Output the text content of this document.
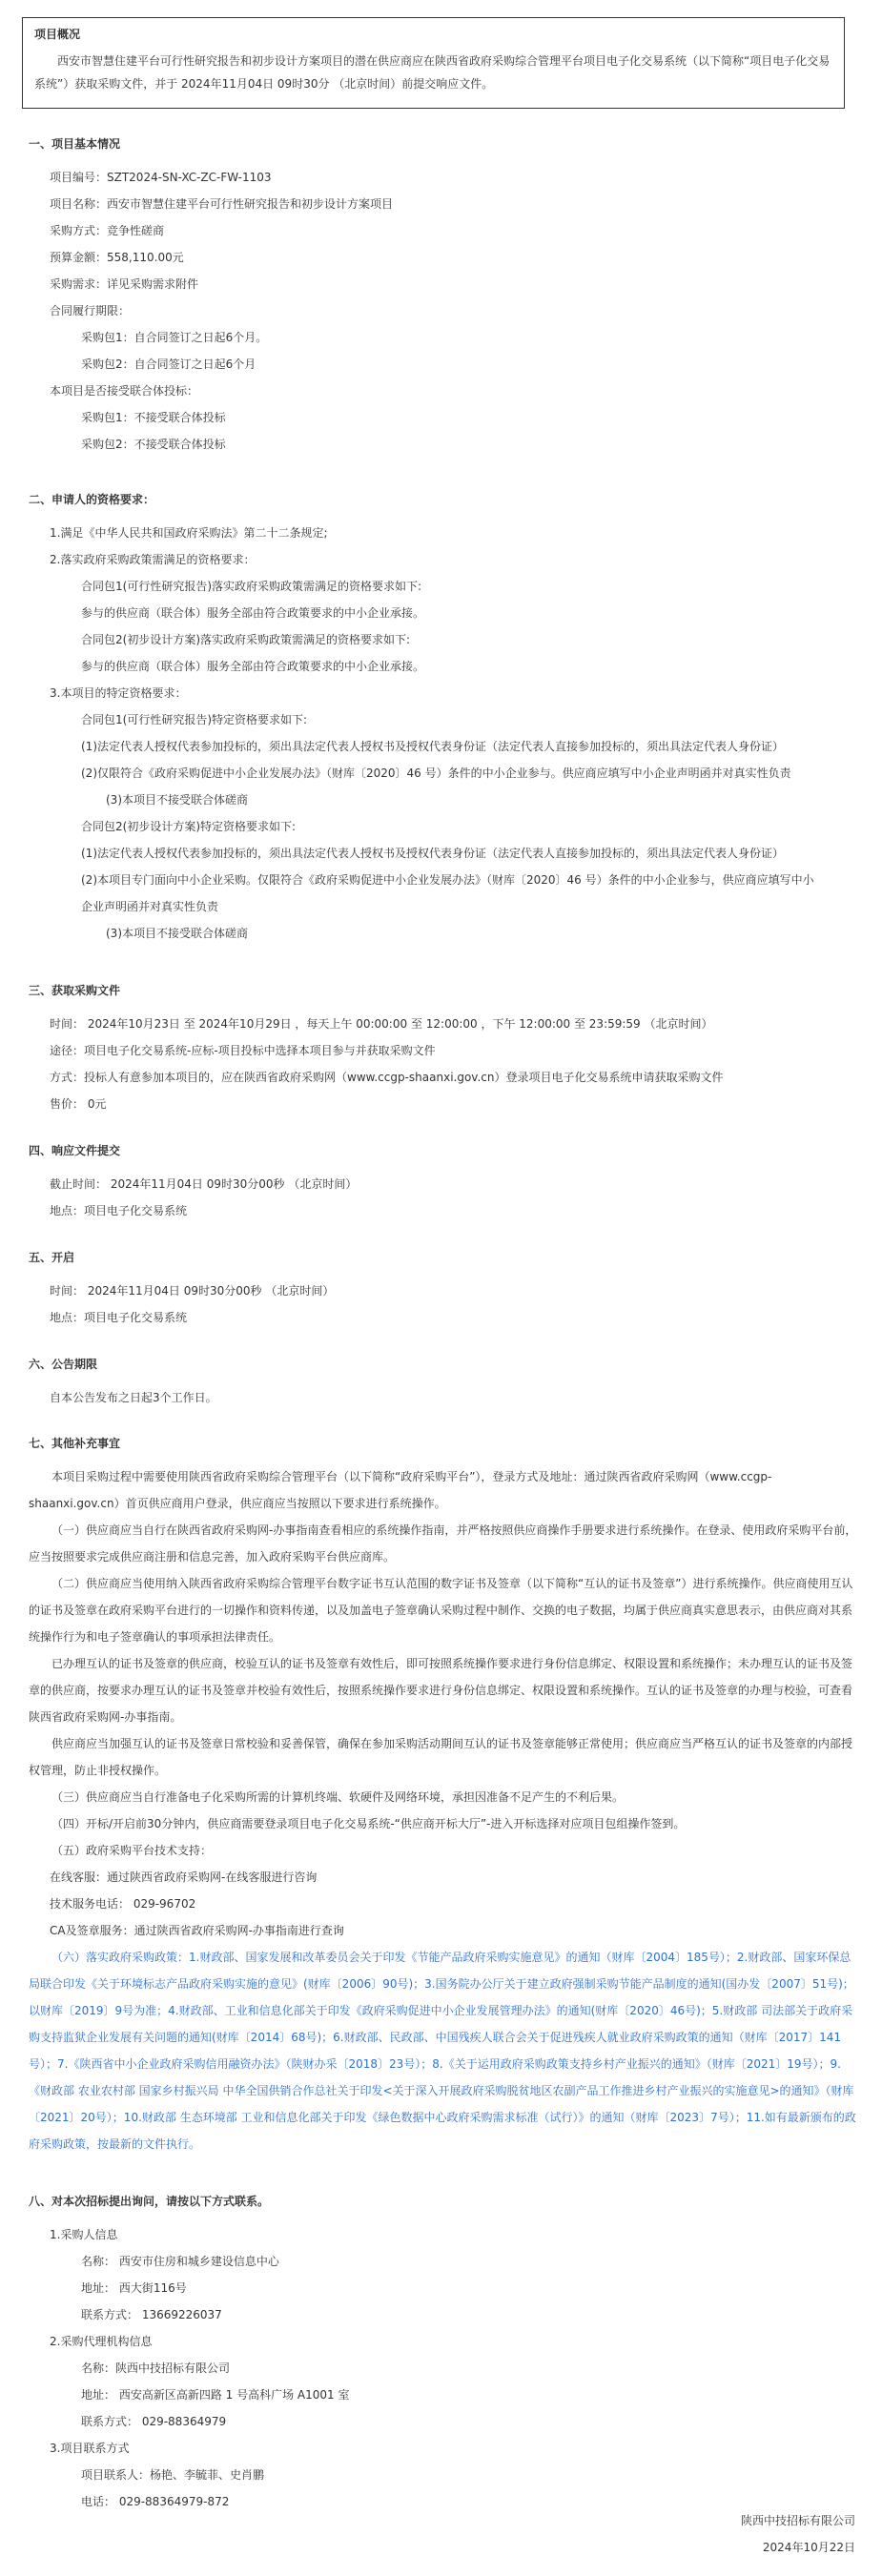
项目概况
西安市智慧住建平台可行性研究报告和初步设计方案项目的潜在供应商应在陕西省政府采购综合管理平台项目电子化交易系统（以下简称“项目电子化交易系统”）获取采购文件，并于 2024年11月04日 09时30分 （北京时间）前提交响应文件。
一、项目基本情况
项目编号：SZT2024-SN-XC-ZC-FW-1103
项目名称：西安市智慧住建平台可行性研究报告和初步设计方案项目
采购方式：竞争性磋商
预算金额：558,110.00元
采购需求：详见采购需求附件
合同履行期限：
采购包1：自合同签订之日起6个月。
采购包2：自合同签订之日起6个月
本项目是否接受联合体投标：
采购包1：不接受联合体投标
采购包2：不接受联合体投标
二、申请人的资格要求：
1.满足《中华人民共和国政府采购法》第二十二条规定;
2.落实政府采购政策需满足的资格要求：
合同包1(可行性研究报告)落实政府采购政策需满足的资格要求如下:
参与的供应商（联合体）服务全部由符合政策要求的中小企业承接。
合同包2(初步设计方案)落实政府采购政策需满足的资格要求如下:
参与的供应商（联合体）服务全部由符合政策要求的中小企业承接。
3.本项目的特定资格要求：
合同包1(可行性研究报告)特定资格要求如下:
(1)法定代表人授权代表参加投标的，须出具法定代表人授权书及授权代表身份证（法定代表人直接参加投标的，须出具法定代表人身份证）
(2)仅限符合《政府采购促进中小企业发展办法》（财库〔2020〕46 号）条件的中小企业参与。供应商应填写中小企业声明函并对真实性负责
(3)本项目不接受联合体磋商
合同包2(初步设计方案)特定资格要求如下:
(1)法定代表人授权代表参加投标的，须出具法定代表人授权书及授权代表身份证（法定代表人直接参加投标的，须出具法定代表人身份证）
(2)本项目专门面向中小企业采购。仅限符合《政府采购促进中小企业发展办法》（财库〔2020〕46 号）条件的中小企业参与，供应商应填写中小
企业声明函并对真实性负责
(3)本项目不接受联合体磋商
三、获取采购文件
时间： 2024年10月23日 至 2024年10月29日 ，每天上午 00:00:00 至 12:00:00 ，下午 12:00:00 至 23:59:59 （北京时间）
途径：项目电子化交易系统-应标-项目投标中选择本项目参与并获取采购文件
方式：投标人有意参加本项目的，应在陕西省政府采购网（www.ccgp-shaanxi.gov.cn）登录项目电子化交易系统申请获取采购文件
售价： 0元
四、响应文件提交
截止时间： 2024年11月04日 09时30分00秒 （北京时间）
地点：项目电子化交易系统
五、开启
时间： 2024年11月04日 09时30分00秒 （北京时间）
地点：项目电子化交易系统
六、公告期限
自本公告发布之日起3个工作日。
七、其他补充事宜
本项目采购过程中需要使用陕西省政府采购综合管理平台（以下简称“政府采购平台”），登录方式及地址：通过陕西省政府采购网（www.ccgp-shaanxi.gov.cn）首页供应商用户登录，供应商应当按照以下要求进行系统操作。
（一）供应商应当自行在陕西省政府采购网-办事指南查看相应的系统操作指南，并严格按照供应商操作手册要求进行系统操作。在登录、使用政府采购平台前，应当按照要求完成供应商注册和信息完善，加入政府采购平台供应商库。
（二）供应商应当使用纳入陕西省政府采购综合管理平台数字证书互认范围的数字证书及签章（以下简称“互认的证书及签章”）进行系统操作。供应商使用互认的证书及签章在政府采购平台进行的一切操作和资料传递，以及加盖电子签章确认采购过程中制作、交换的电子数据，均属于供应商真实意思表示，由供应商对其系统操作行为和电子签章确认的事项承担法律责任。
已办理互认的证书及签章的供应商，校验互认的证书及签章有效性后，即可按照系统操作要求进行身份信息绑定、权限设置和系统操作；未办理互认的证书及签章的供应商，按要求办理互认的证书及签章并校验有效性后，按照系统操作要求进行身份信息绑定、权限设置和系统操作。互认的证书及签章的办理与校验，可查看陕西省政府采购网-办事指南。
供应商应当加强互认的证书及签章日常校验和妥善保管，确保在参加采购活动期间互认的证书及签章能够正常使用；供应商应当严格互认的证书及签章的内部授权管理，防止非授权操作。
（三）供应商应当自行准备电子化采购所需的计算机终端、软硬件及网络环境，承担因准备不足产生的不利后果。
（四）开标/开启前30分钟内，供应商需要登录项目电子化交易系统-“供应商开标大厅”-进入开标选择对应项目包组操作签到。
（五）政府采购平台技术支持：
在线客服：通过陕西省政府采购网-在线客服进行咨询
技术服务电话： 029-96702
CA及签章服务：通过陕西省政府采购网-办事指南进行查询
（六）落实政府采购政策：1.财政部、国家发展和改革委员会关于印发《节能产品政府采购实施意见》的通知（财库〔2004〕185号）；2.财政部、国家环保总局联合印发《关于环境标志产品政府采购实施的意见》(财库〔2006〕90号)；3.国务院办公厅关于建立政府强制采购节能产品制度的通知(国办发〔2007〕51号)；以财库〔2019〕9号为准；4.财政部、工业和信息化部关于印发《政府采购促进中小企业发展管理办法》的通知(财库〔2020〕46号)；5.财政部 司法部关于政府采购支持监狱企业发展有关问题的通知(财库〔2014〕68号)；6.财政部、民政部、中国残疾人联合会关于促进残疾人就业政府采购政策的通知（财库〔2017〕141号）；7.《陕西省中小企业政府采购信用融资办法》（陕财办采〔2018〕23号）；8.《关于运用政府采购政策支持乡村产业振兴的通知》（财库〔2021〕19号）；9.《财政部 农业农村部 国家乡村振兴局 中华全国供销合作总社关于印发<关于深入开展政府采购脱贫地区农副产品工作推进乡村产业振兴的实施意见>的通知》（财库〔2021〕20号）；10.财政部 生态环境部 工业和信息化部关于印发《绿色数据中心政府采购需求标准（试行）》的通知（财库〔2023〕7号）；11.如有最新颁布的政府采购政策，按最新的文件执行。
八、对本次招标提出询问，请按以下方式联系。
1.采购人信息
名称： 西安市住房和城乡建设信息中心
地址： 西大街116号
联系方式： 13669226037
2.采购代理机构信息
名称：陕西中技招标有限公司
地址： 西安高新区高新四路 1 号高科广场 A1001 室
联系方式： 029-88364979
3.项目联系方式
项目联系人：杨艳、李毓菲、史肖鹏
电话： 029-88364979-872
陕西中技招标有限公司
2024年10月22日
